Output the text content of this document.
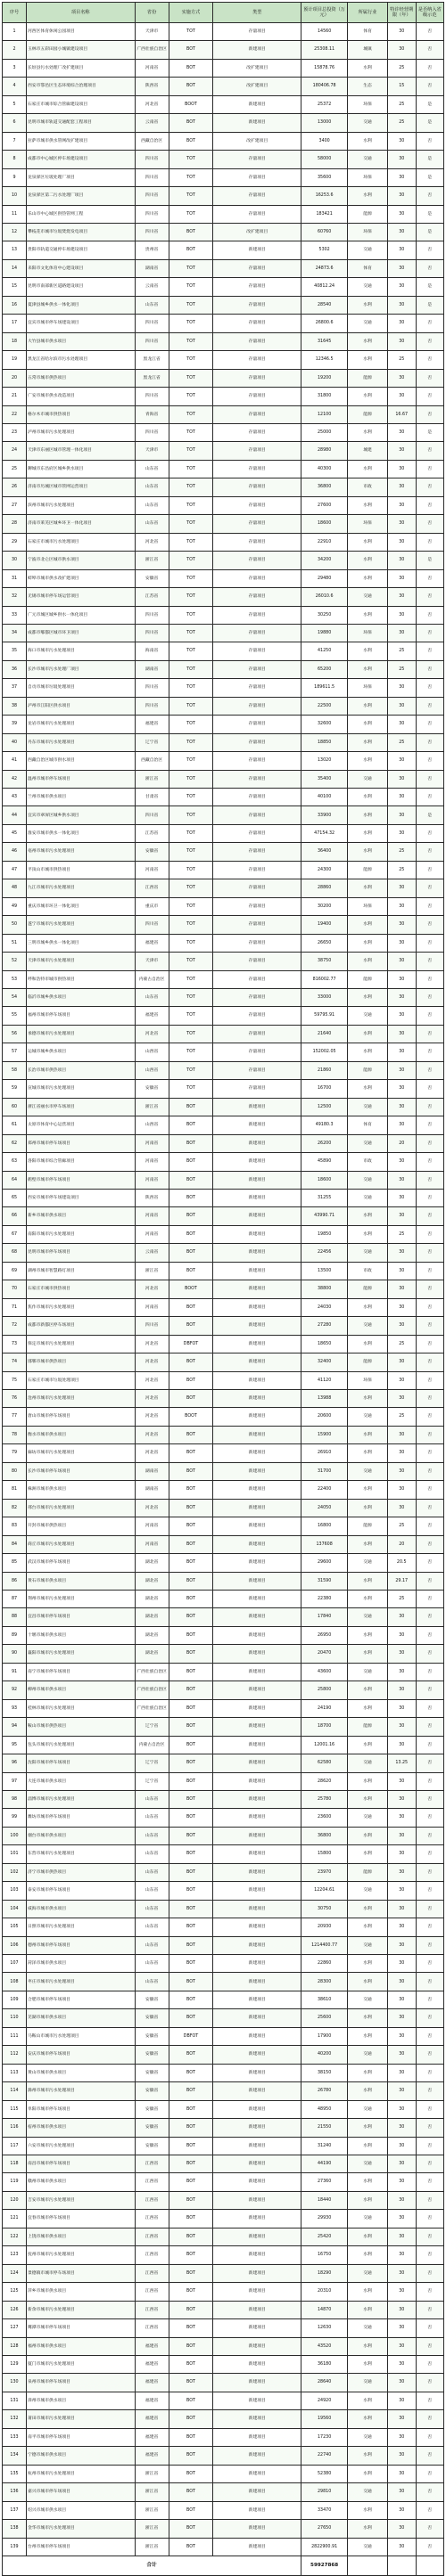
序号	项目名称	省份	实施方式	类型	预计项目总投资（万元）	所属行业	特许经营期限（年）	是否纳入省级示范
1	河西区体育休闲公园项目	天津市	TOT	存量项目	14560	体育	30	否
2	玉林市五彩田园小城镇建设项目	广西壮族自治区	BOT	新建项目	25308.11	城镇	30	否
3	长垣县污水处理厂改扩建项目	河南省	BOT	改扩建项目	15878.76	水利	25	否
4	西安市鄠邑区生态环境综合治理项目	陕西省	BOT	改扩建项目	180406.78	生态	15	否
5	石家庄市城市综合管廊建设项目	河北省	BOOT	新建项目	25372	环保	25	是
6	昆明市城市轨道交通配套工程项目	云南省	BOT	新建项目	13000	交通	25	是
7	拉萨市城市供水管网改扩建项目	西藏自治区	BOT	改扩建项目	3400	水利	30	否
8	成都市中心城区停车场建设项目	四川省	TOT	存量项目	58000	交通	30	是
9	龙泉驿区垃圾处理厂项目	四川省	TOT	存量项目	35600	环保	30	是
10	龙泉驿区第二污水处理厂项目	四川省	TOT	存量项目	16253.6	水利	30	否
11	乐山市中心城区供热管网工程	四川省	TOT	存量项目	183421	能源	30	是
12	攀枝花市城市垃圾焚烧发电项目	四川省	BOT	改扩建项目	60760	环保	30	是
13	贵阳市轨道交通停车场建设项目	贵州省	BOT	新建项目	5302	交通	30	否
14	耒阳市文化体育中心建设项目	湖南省	TOT	存量项目	24873.6	体育	30	否
15	昆明市南部新区道路建设项目	云南省	TOT	存量项目	40812.24	交通	30	是
16	夏津县城乡供水一体化项目	山东省	TOT	存量项目	28540	水利	30	是
17	宜宾市城市停车场建设项目	四川省	TOT	存量项目	26800.6	交通	30	否
18	大竹县城市供水项目	四川省	TOT	存量项目	31645	水利	30	否
19	黑龙江省哈尔滨市污水处理项目	黑龙江省	TOT	存量项目	12346.5	水利	25	否
20	五常市城市供热项目	黑龙江省	TOT	存量项目	19200	能源	30	否
21	广安市城市供水改造项目	四川省	TOT	存量项目	31800	水利	30	否
22	格尔木市城市供热项目	青海省	TOT	存量项目	12100	能源	16.67	否
23	泸州市城市污水处理项目	四川省	TOT	存量项目	25000	水利	30	是
24	天津市东丽区城市管理一体化项目	天津市	TOT	存量项目	28980	城建	30	否
25	聊城市东昌府区城乡供水项目	山东省	TOT	存量项目	40300	水利	30	否
26	济南市历城区城市管网运营项目	山东省	TOT	存量项目	36800	市政	30	否
27	滨州市城市污水处理项目	山东省	TOT	存量项目	27600	水利	30	否
28	济南市莱芜区城乡环卫一体化项目	山东省	TOT	存量项目	18600	环保	30	否
29	石家庄市城市污水处理项目	河北省	TOT	存量项目	22910	水利	30	否
30	宁波市北仑区城市供水项目	浙江省	TOT	存量项目	34200	水利	30	是
31	蚌埠市城市供水改扩建项目	安徽省	TOT	存量项目	29480	水利	30	否
32	无锡市城市停车场运营项目	江苏省	TOT	存量项目	26010.6	交通	30	否
33	广元市城区城乡供水一体化项目	四川省	TOT	存量项目	30250	水利	30	否
34	成都市郫都区城市环卫项目	四川省	TOT	存量项目	19880	环保	30	否
35	海口市城市污水处理项目	海南省	TOT	存量项目	41250	水利	25	否
36	长沙市城市污水处理厂项目	湖南省	TOT	存量项目	65200	水利	25	否
37	自贡市城市垃圾处理项目	四川省	TOT	存量项目	189611.5	环保	30	否
38	泸州市江阳区供水项目	四川省	TOT	存量项目	22500	水利	30	否
39	龙岩市城市污水处理项目	福建省	TOT	存量项目	32600	水利	30	否
40	丹东市城市污水处理项目	辽宁省	TOT	存量项目	18850	水利	25	否
41	西藏自治区城市供水项目	西藏自治区	TOT	存量项目	13020	水利	30	否
42	温州市城市停车场项目	浙江省	TOT	存量项目	35400	交通	30	否
43	兰州市城市供水项目	甘肃省	TOT	存量项目	40100	水利	30	否
44	宜宾市翠屏区城乡供水项目	四川省	TOT	存量项目	33900	水利	30	是
45	淮安市城市供水一体化项目	江苏省	TOT	存量项目	47154.32	水利	30	否
46	亳州市城市污水处理项目	安徽省	TOT	存量项目	36400	水利	25	否
47	平顶山市城市供热项目	河南省	TOT	存量项目	24300	能源	25	否
48	九江市城市污水处理项目	江西省	TOT	存量项目	28860	水利	30	否
49	重庆市城市环卫一体化项目	重庆市	TOT	存量项目	30200	环保	30	否
50	遂宁市城市污水处理项目	四川省	TOT	存量项目	19400	水利	30	否
51	三明市城乡供水一体化项目	福建省	TOT	存量项目	26650	水利	30	否
52	天津市城市污水处理项目	天津市	TOT	存量项目	38750	水利	30	否
53	呼和浩特市城市供热项目	内蒙古自治区	TOT	存量项目	816002.77	能源	30	否
54	临沂市城乡供水项目	山东省	TOT	存量项目	33000	水利	30	否
55	福州市城市停车场项目	福建省	TOT	存量项目	59795.91	交通	30	否
56	承德市城市污水处理项目	河北省	TOT	存量项目	21640	水利	30	否
57	运城市城乡供水项目	山西省	TOT	存量项目	152002.05	水利	30	否
58	长治市城市供热项目	山西省	TOT	存量项目	21860	能源	30	否
59	宣城市城市污水处理项目	安徽省	TOT	存量项目	16700	水利	30	否
60	浙江省丽水市停车场项目	浙江省	BOT	新建项目	12500	交通	30	否
61	太原市体育中心运营项目	山西省	BOT	新建项目	49180.3	体育	30	否
62	郑州市城市停车场项目	河南省	BOT	新建项目	26200	交通	20	否
63	洛阳市城市综合管廊项目	河南省	BOT	新建项目	45890	市政	30	否
64	鹤壁市城市停车场项目	河南省	BOT	新建项目	18600	交通	30	否
65	西安市城市停车场建设项目	陕西省	BOT	新建项目	31255	交通	30	否
66	新乡市城市供水项目	河南省	BOT	新建项目	43990.71	水利	30	否
67	南阳市城市污水处理项目	河南省	BOT	新建项目	19850	水利	25	否
68	昆明市城市停车场项目	云南省	BOT	新建项目	22456	交通	30	否
69	湖州市城市智慧路灯项目	浙江省	BOT	新建项目	13500	市政	30	否
70	石家庄市城市供热项目	河北省	BOOT	新建项目	38800	能源	30	否
71	焦作市城市污水处理项目	河南省	BOT	新建项目	24030	水利	30	否
72	成都市新都区停车场项目	四川省	BOT	新建项目	27280	交通	30	否
73	保定市城市污水处理项目	河北省	DBFOT	新建项目	18650	水利	25	否
74	邯郸市城市供热项目	河北省	BOT	新建项目	32400	能源	30	否
75	石家庄市城市垃圾处理项目	河北省	BOT	新建项目	41120	环保	30	否
76	沧州市城市污水处理项目	河北省	BOT	新建项目	13988	水利	30	否
77	唐山市城市停车场项目	河北省	BOOT	新建项目	20600	交通	25	否
78	衡水市城市供水项目	河北省	BOT	新建项目	15900	水利	30	否
79	廊坊市城市污水处理项目	河北省	BOT	新建项目	26910	水利	30	否
80	长沙市城市停车场项目	湖南省	BOT	新建项目	31700	交通	30	否
81	株洲市城市供水项目	湖南省	BOT	新建项目	22400	水利	30	否
82	邢台市城市污水处理项目	河北省	BOT	新建项目	24050	水利	30	否
83	开封市城市供热项目	河南省	BOT	新建项目	16800	能源	25	否
84	商丘市城市污水处理项目	河南省	BOT	新建项目	137608	水利	20	否
85	武汉市城市停车场项目	湖北省	BOT	新建项目	29600	交通	20.5	否
86	黄石市城市供水项目	湖北省	BOT	新建项目	31590	水利	29.17	否
87	荆州市城市污水处理项目	湖北省	BOT	新建项目	22380	水利	25	否
88	宜昌市城市停车场项目	湖北省	BOT	新建项目	17840	交通	30	否
89	十堰市城市供水项目	湖北省	BOT	新建项目	26950	水利	30	否
90	襄阳市城市污水处理项目	湖北省	BOT	新建项目	20470	水利	30	否
91	南宁市城市停车场项目	广西壮族自治区	BOT	新建项目	43600	交通	30	否
92	柳州市城市供水项目	广西壮族自治区	BOT	新建项目	25800	水利	30	否
93	桂林市城市污水处理项目	广西壮族自治区	BOT	新建项目	24190	水利	30	否
94	鞍山市城市供热项目	辽宁省	BOT	新建项目	18700	能源	30	否
95	包头市城市污水处理项目	内蒙古自治区	BOT	新建项目	12001.16	水利	30	否
96	沈阳市城市停车场项目	辽宁省	BOT	新建项目	62580	交通	13.25	否
97	大连市城市供水项目	辽宁省	BOT	新建项目	28620	水利	30	否
98	淄博市城市污水处理项目	山东省	BOT	新建项目	25780	水利	30	否
99	潍坊市城市停车场项目	山东省	BOT	新建项目	23600	交通	30	否
100	烟台市城市供水项目	山东省	BOT	新建项目	36800	水利	30	否
101	东营市城市污水处理项目	山东省	BOT	新建项目	15800	水利	30	否
102	济宁市城市供热项目	山东省	BOT	新建项目	23970	能源	30	否
103	泰安市城市停车场项目	山东省	BOT	新建项目	12204.61	交通	30	否
104	威海市城市供水项目	山东省	BOT	新建项目	30750	水利	30	否
105	日照市城市污水处理项目	山东省	BOT	新建项目	20930	水利	30	否
106	德州市城市停车场项目	山东省	BOT	新建项目	1214400.77	交通	30	否
107	菏泽市城市供水项目	山东省	BOT	新建项目	22860	水利	30	否
108	枣庄市城市污水处理项目	山东省	BOT	新建项目	28300	水利	30	否
109	合肥市城市停车场项目	安徽省	BOT	新建项目	38610	交通	30	否
110	芜湖市城市供水项目	安徽省	BOT	新建项目	25600	水利	30	否
111	马鞍山市城市污水处理项目	安徽省	DBFOT	新建项目	17900	水利	30	否
112	安庆市城市停车场项目	安徽省	BOT	新建项目	40200	交通	30	否
113	黄山市城市供水项目	安徽省	BOT	新建项目	38150	水利	30	否
114	滁州市城市污水处理项目	安徽省	BOT	新建项目	26780	水利	30	否
115	阜阳市城市停车场项目	安徽省	BOT	新建项目	48950	交通	30	否
116	宿州市城市供水项目	安徽省	BOT	新建项目	21550	水利	30	否
117	六安市城市污水处理项目	安徽省	BOT	新建项目	31240	水利	30	否
118	南昌市城市停车场项目	江西省	BOT	新建项目	44190	交通	30	否
119	赣州市城市供水项目	江西省	BOT	新建项目	27360	水利	30	否
120	吉安市城市污水处理项目	江西省	BOT	新建项目	18440	水利	30	否
121	宜春市城市停车场项目	江西省	BOT	新建项目	29930	交通	30	否
122	上饶市城市供水项目	江西省	BOT	新建项目	25420	水利	30	否
123	抚州市城市污水处理项目	江西省	BOT	新建项目	16750	水利	30	否
124	景德镇市城市停车场项目	江西省	BOT	新建项目	18290	交通	30	否
125	萍乡市城市供水项目	江西省	BOT	新建项目	20310	水利	30	否
126	新余市城市污水处理项目	江西省	BOT	新建项目	14870	水利	30	否
127	鹰潭市城市停车场项目	江西省	BOT	新建项目	12630	交通	30	否
128	福州市城市供水项目	福建省	BOT	新建项目	43520	水利	30	否
129	厦门市城市污水处理项目	福建省	BOT	新建项目	36180	水利	30	否
130	泉州市城市停车场项目	福建省	BOT	新建项目	28640	交通	30	否
131	漳州市城市供水项目	福建省	BOT	新建项目	24920	水利	30	否
132	莆田市城市污水处理项目	福建省	BOT	新建项目	19560	水利	30	否
133	南平市城市停车场项目	福建省	BOT	新建项目	17230	交通	30	否
134	宁德市城市供水项目	福建省	BOT	新建项目	22740	水利	30	否
135	杭州市城市污水处理项目	浙江省	BOT	新建项目	52380	水利	30	否
136	嘉兴市城市停车场项目	浙江省	BOT	新建项目	29810	交通	30	否
137	绍兴市城市供水项目	浙江省	BOT	新建项目	33470	水利	30	否
138	金华市城市污水处理项目	浙江省	BOT	新建项目	27650	水利	30	否
139	台州市城市停车场项目	浙江省	BOT	新建项目	2822900.91	交通	30	否
合计					59927868			
